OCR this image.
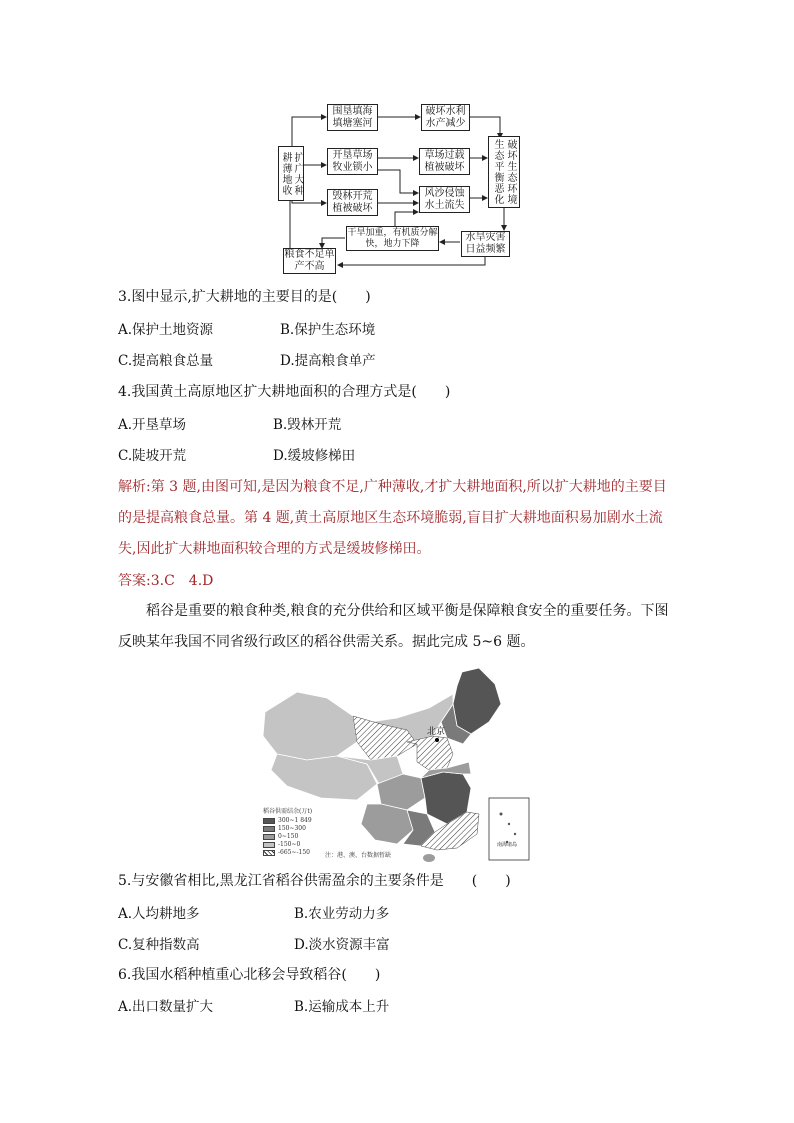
扩广大种耕薄地收
围垦填海填塘塞河
破坏水利水产减少
开垦草场牧业锁小
草场过载植被破坏
毁林开荒植被破坏
风沙侵蚀水土流失	破坏生态环境生态平衡恶化
干旱加重，有机质分解快，地力下降
水旱灾害日益频繁
粮食不足单产不高
3.图中显示,扩大耕地的主要目的是(　　)
A.保护土地资源	B.保护生态环境
C.提高粮食总量	D.提高粮食单产
4.我国黄土高原地区扩大耕地面积的合理方式是(　　)
A.开垦草场	B.毁林开荒
C.陡坡开荒	D.缓坡修梯田
解析:第 3 题,由图可知,是因为粮食不足,广种薄收,才扩大耕地面积,所以扩大耕地的主要目的是提高粮食总量。第 4 题,黄土高原地区生态环境脆弱,盲目扩大耕地面积易加剧水土流失,因此扩大耕地面积较合理的方式是缓坡修梯田。
答案:3.C　4.D
稻谷是重要的粮食种类,粮食的充分供给和区域平衡是保障粮食安全的重要任务。下图反映某年我国不同省级行政区的稻谷供需关系。据此完成 5~6 题。
北京
南海诸岛
稻谷供需结余(万t)
300~1 849
150~300
0~150
-150~0
-665~-150	注：港、澳、台数据暂缺
5.与安徽省相比,黑龙江省稻谷供需盈余的主要条件是　　(　　)
A.人均耕地多	B.农业劳动力多
C.复种指数高	D.淡水资源丰富
6.我国水稻种植重心北移会导致稻谷(　　)
A.出口数量扩大	B.运输成本上升
